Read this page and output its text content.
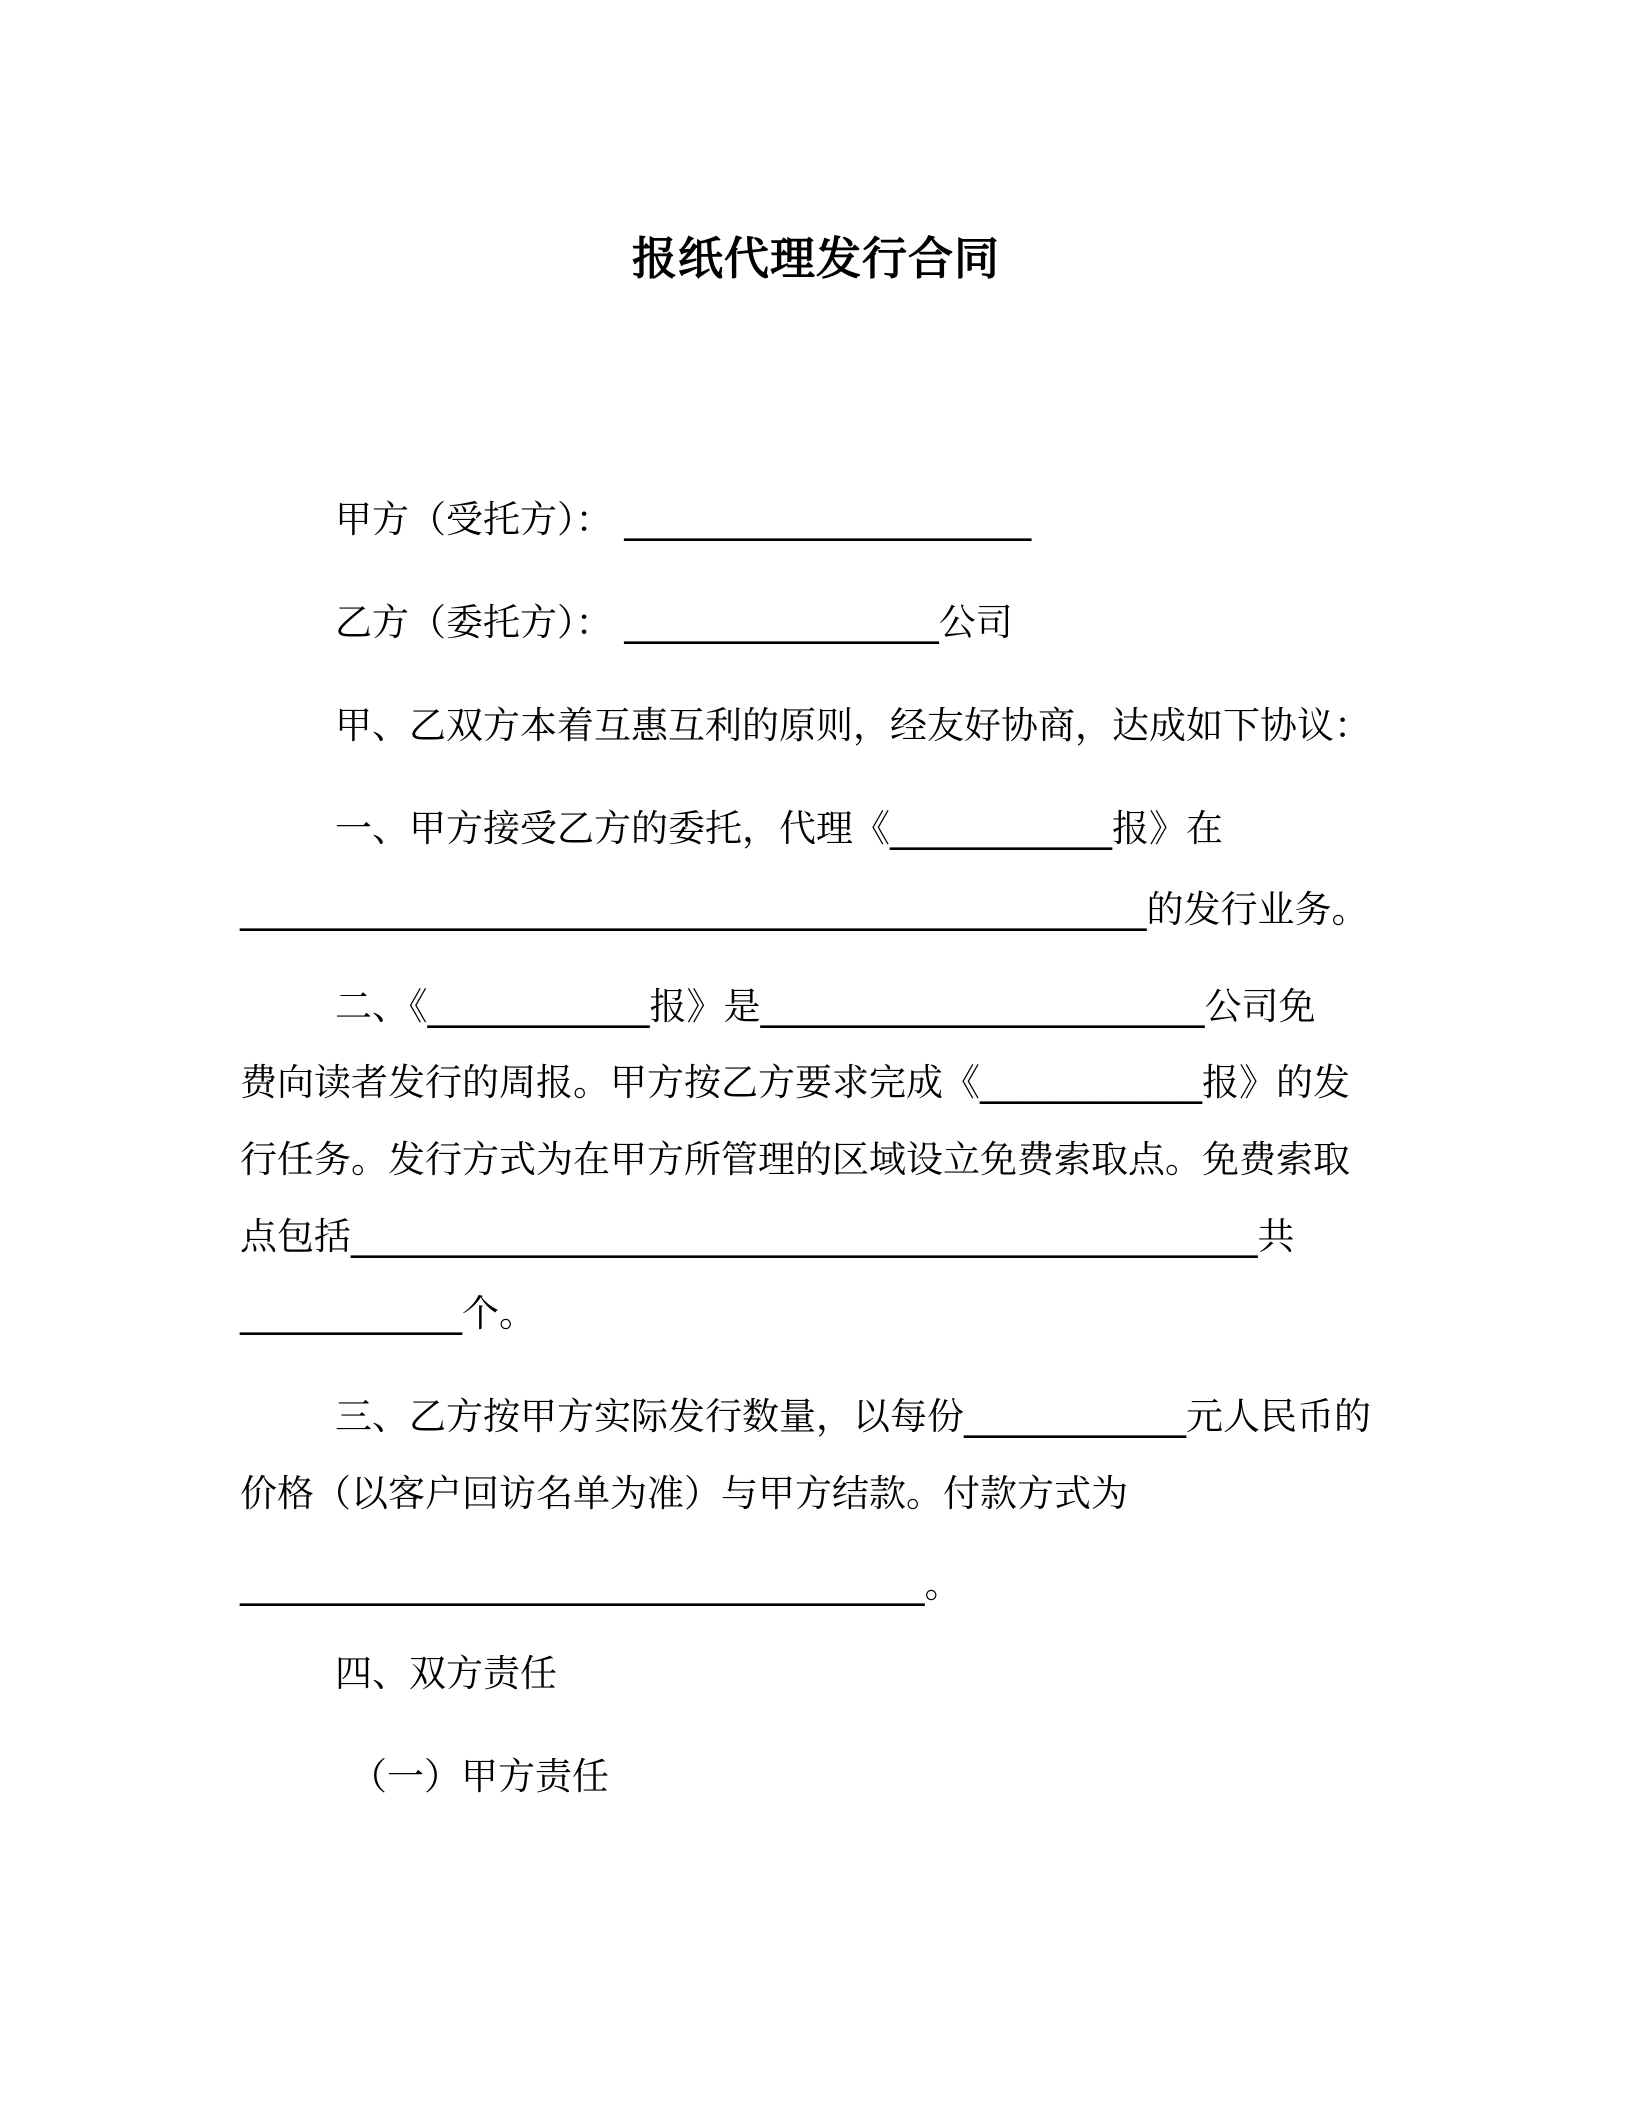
报纸代理发行合同
甲方（受托方）： ______________________
乙方（委托方）： _________________公司
甲、乙双方本着互惠互利的原则，经友好协商，达成如下协议：
一、甲方接受乙方的委托，代理《____________报》在
_________________________________________________的发行业务。
二、《____________报》是________________________公司免
费向读者发行的周报。甲方按乙方要求完成《____________报》的发
行任务。发行方式为在甲方所管理的区域设立免费索取点。免费索取
点包括_________________________________________________共
____________个。
三、乙方按甲方实际发行数量，以每份____________元人民币的
价格（以客户回访名单为准）与甲方结款。付款方式为
_____________________________________。
四、双方责任
（一）甲方责任
